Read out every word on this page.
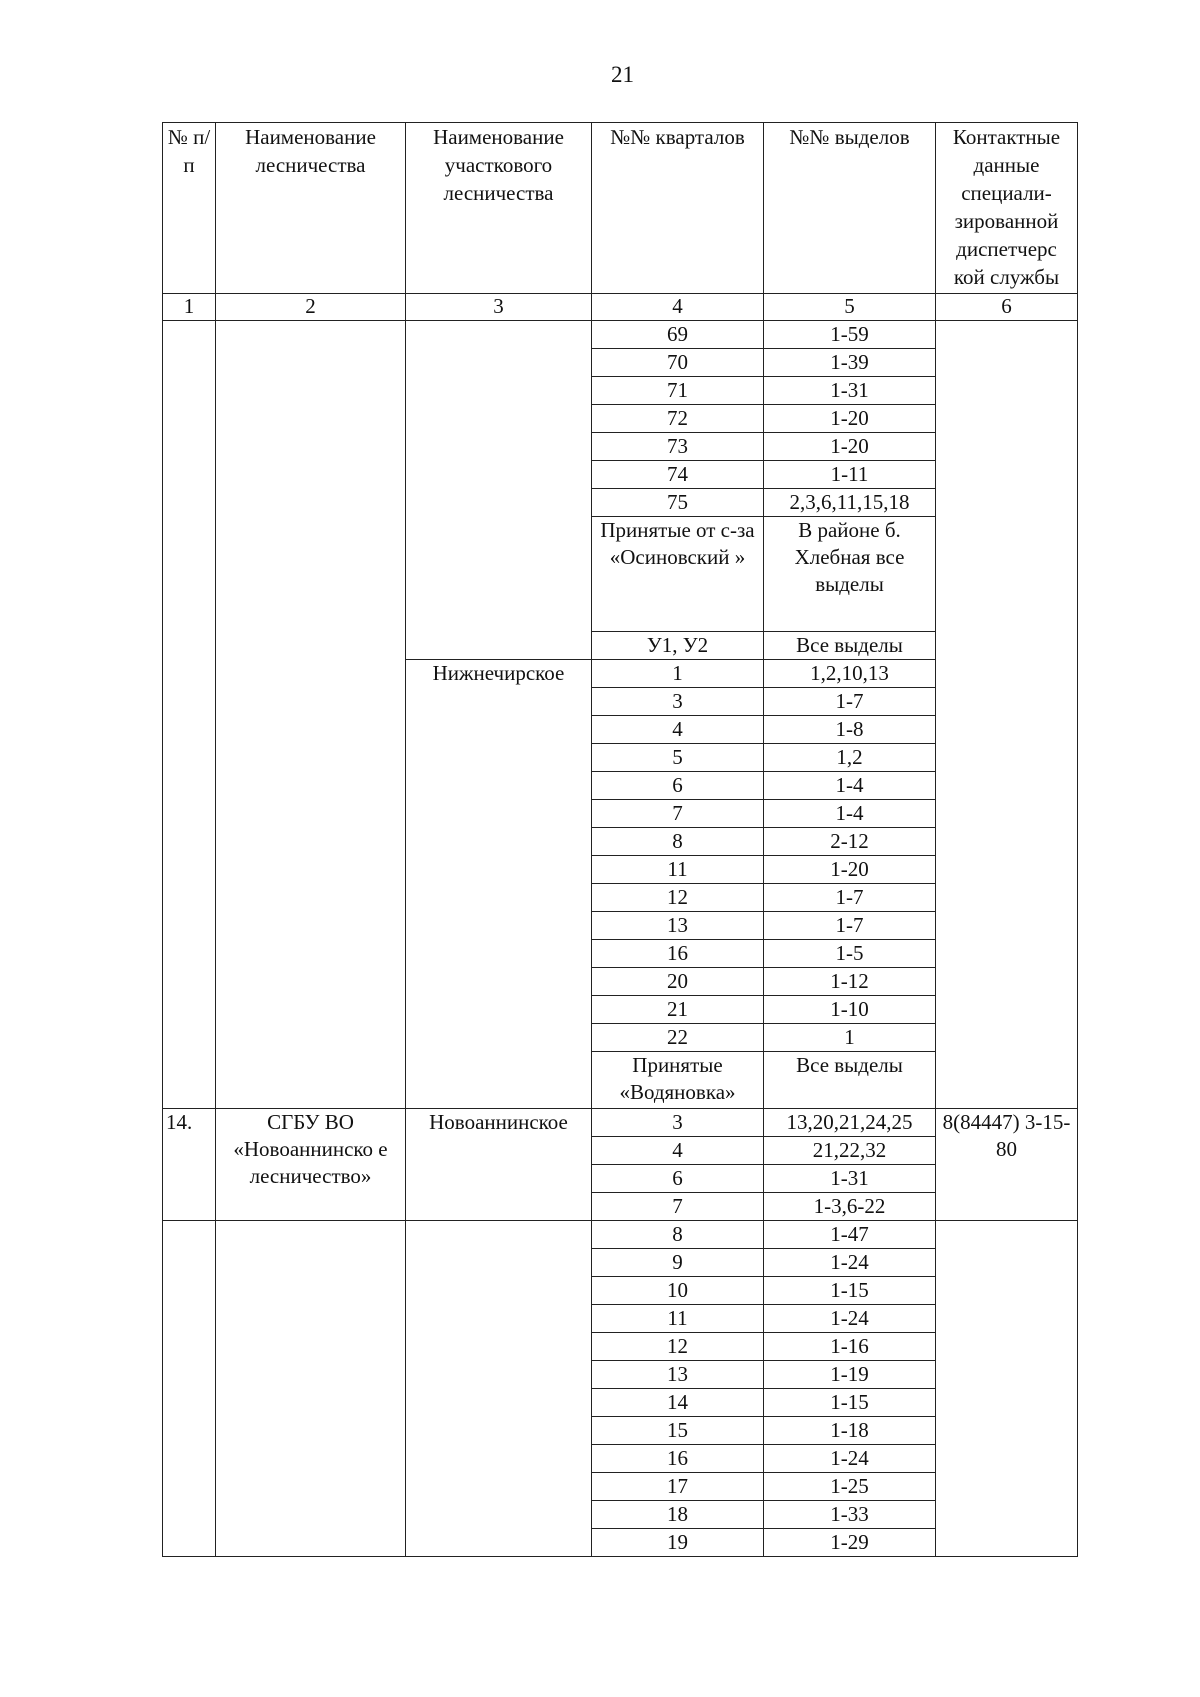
21
№ п/п	Наименование лесничества	Наименование участкового лесничества	№№ кварталов	№№ выделов	Контактные данные специали-зированной диспетчерс кой службы
1	2	3	4	5	6
			69	1-59	
			70	1-39	
			71	1-31	
			72	1-20	
			73	1-20	
			74	1-11	
			75	2,3,6,11,15,18	
			Принятые от с-за «Осиновский »	В районе б. Хлебная все выделы	
			У1, У2	Все выделы	
		Нижнечирское	1	1,2,10,13	
			3	1-7	
			4	1-8	
			5	1,2	
			6	1-4	
			7	1-4	
			8	2-12	
			11	1-20	
			12	1-7	
			13	1-7	
			16	1-5	
			20	1-12	
			21	1-10	
			22	1	
			Принятые «Водяновка»	Все выделы	
14.	СГБУ ВО «Новоаннинско е лесничество»	Новоаннинское	3	13,20,21,24,25	8(84447) 3-15-80
			4	21,22,32	
			6	1-31	
			7	1-3,6-22	
			8	1-47	
			9	1-24	
			10	1-15	
			11	1-24	
			12	1-16	
			13	1-19	
			14	1-15	
			15	1-18	
			16	1-24	
			17	1-25	
			18	1-33	
			19	1-29	
